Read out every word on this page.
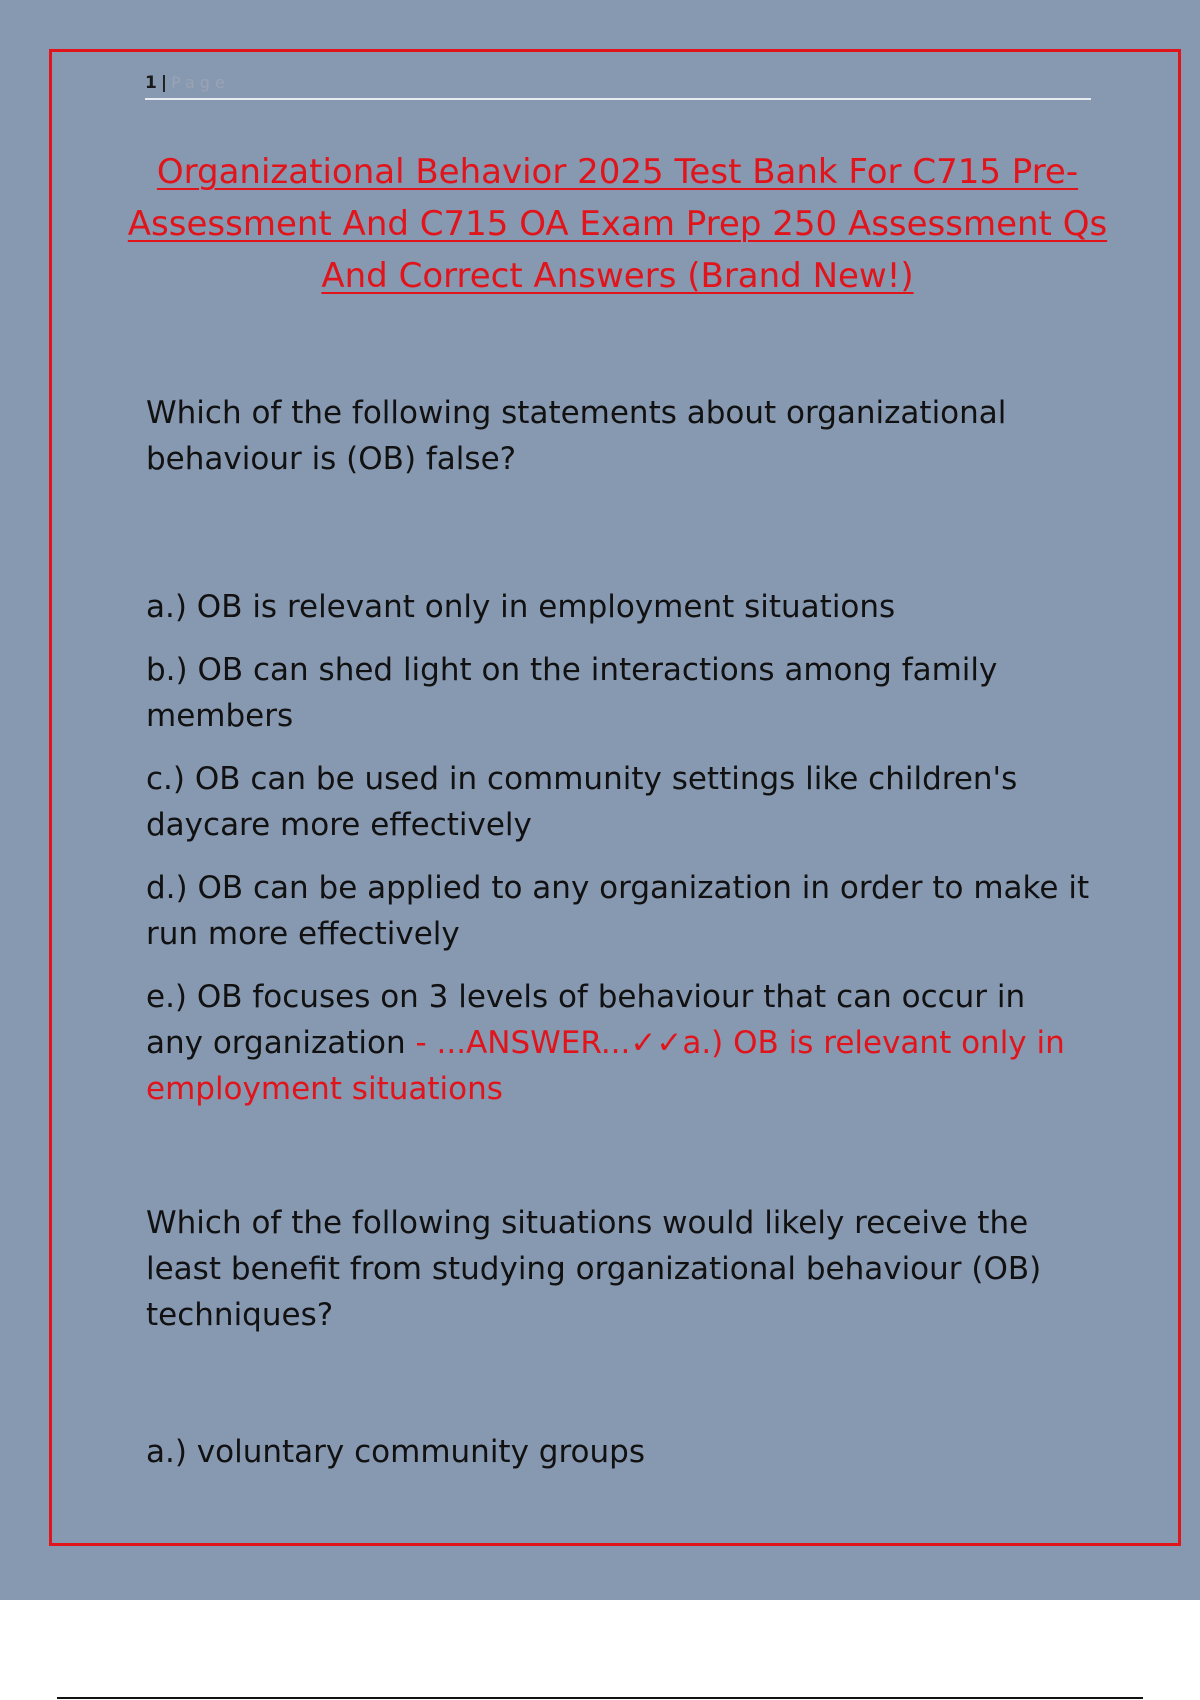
1 | Page
Organizational Behavior 2025 Test Bank For C715 Pre-Assessment And C715 OA Exam Prep 250 Assessment Qs And Correct Answers (Brand New!)

Which of the following statements about organizational behaviour is (OB) false?

a.) OB is relevant only in employment situations

b.) OB can shed light on the interactions among family members

c.) OB can be used in community settings like children's daycare more effectively

d.) OB can be applied to any organization in order to make it run more effectively

e.) OB focuses on 3 levels of behaviour that can occur in any organization - ...ANSWER...✓✓a.) OB is relevant only in employment situations

Which of the following situations would likely receive the least benefit from studying organizational behaviour (OB) techniques?

a.) voluntary community groups
